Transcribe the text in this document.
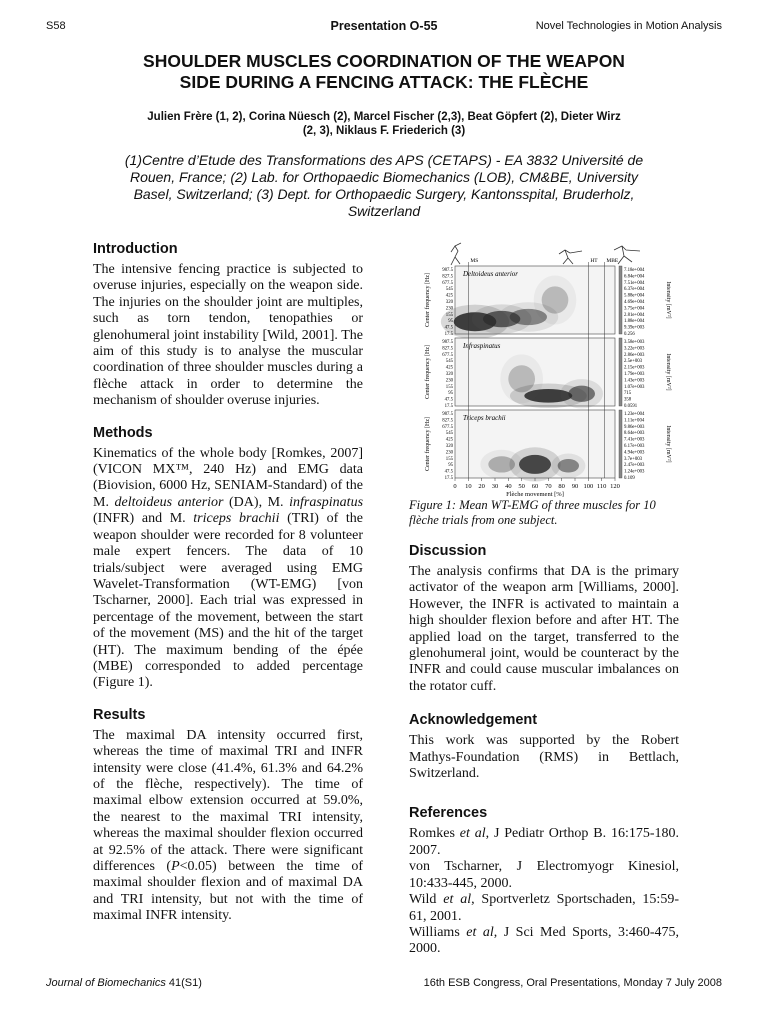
S58	Presentation O-55	Novel Technologies in Motion Analysis
SHOULDER MUSCLES COORDINATION OF THE WEAPON
SIDE DURING A FENCING ATTACK: THE FLÈCHE
Julien Frère (1, 2), Corina Nüesch (2), Marcel Fischer (2,3), Beat Göpfert (2), Dieter Wirz
(2, 3), Niklaus F. Friederich (3)
(1)Centre d’Etude des Transformations des APS (CETAPS) - EA 3832 Université de
Rouen, France; (2) Lab. for Orthopaedic Biomechanics (LOB), CM&BE, University
Basel, Switzerland; (3) Dept. for Orthopaedic Surgery, Kantonsspital, Bruderholz,
Switzerland
Introduction

The intensive fencing practice is subjected to overuse injuries, especially on the weapon side. The injuries on the shoulder joint are multiples, such as torn tendon, tenopathies or glenohumeral joint instability [Wild, 2001]. The aim of this study is to analyse the muscular coordination of three shoulder muscles during a flèche attack in order to determine the mechanism of shoulder overuse injuries.

Methods

Kinematics of the whole body [Romkes, 2007] (VICON MX™, 240 Hz) and EMG data (Biovision, 6000 Hz, SENIAM-Standard) of the M. deltoideus anterior (DA), M. infraspinatus (INFR) and M. triceps brachii (TRI) of the weapon shoulder were recorded for 8 volunteer male expert fencers. The data of 10 trials/subject were averaged using EMG Wavelet-Transformation (WT-EMG) [von Tscharner, 2000]. Each trial was expressed in percentage of the movement, between the start of the movement (MS) and the hit of the target (HT). The maximum bending of the épée (MBE) corresponded to added percentage (Figure 1).

Results

The maximal DA intensity occurred first, whereas the time of maximal TRI and INFR intensity were close (41.4%, 61.3% and 64.2% of the flèche, respectively). The time of maximal elbow extension occurred at 59.0%, the nearest to the maximal TRI intensity, whereas the maximal shoulder flexion occurred at 92.5% of the attack. There were significant differences (P<0.05) between the time of maximal shoulder flexion and of maximal DA and TRI intensity, but not with the time of maximal INFR intensity.

Deltoideus anterior
987.5
827.5
677.5
545
425
320
230
155
95
47.5
17.5
Center frequency [Hz]
7.18e+004
6.84e+004
7.51e+004
6.37e+004
5.88e+004
4.69e+004
3.75e+004
2.81e+004
1.88e+004
9.39e+003
0.256
Intensity [mV²]
Infraspinatus
987.5
827.5
677.5
545
425
320
230
155
95
47.5
17.5
Center frequency [Hz]
3.58e+003
3.22e+003
2.86e+003
2.5e+003
2.15e+003
1.79e+003
1.43e+003
1.07e+003
715
358
0.0591
Intensity [mV²]
Triceps brachii
987.5
827.5
677.5
545
425
320
230
155
95
47.5
17.5
Center frequency [Hz]
1.23e+004
1.11e+004
9.86e+003
8.64e+003
7.41e+003
6.17e+003
4.94e+003
3.7e+003
2.47e+003
1.24e+003
0.109
Intensity [mV²]
MS	HT MBE
0 10 20 30 40 50 60 70 80 90 100 110 120
Flèche movement [%]
Figure 1: Mean WT-EMG of three muscles for 10 flèche trials from one subject.
Discussion

The analysis confirms that DA is the primary activator of the weapon arm [Williams, 2000]. However, the INFR is activated to maintain a high shoulder flexion before and after HT. The applied load on the target, transferred to the glenohumeral joint, would be counteract by the INFR and could cause muscular imbalances on the rotator cuff.

Acknowledgement

This work was supported by the Robert Mathys-Foundation (RMS) in Bettlach, Switzerland.

References

Romkes et al, J Pediatr Orthop B. 16:175-180. 2007.

von Tscharner, J Electromyogr Kinesiol, 10:433-445, 2000.

Wild et al, Sportverletz Sportschaden, 15:59-61, 2001.

Williams et al, J Sci Med Sports, 3:460-475, 2000.

Journal of Biomechanics 41(S1)	16th ESB Congress, Oral Presentations, Monday 7 July 2008
